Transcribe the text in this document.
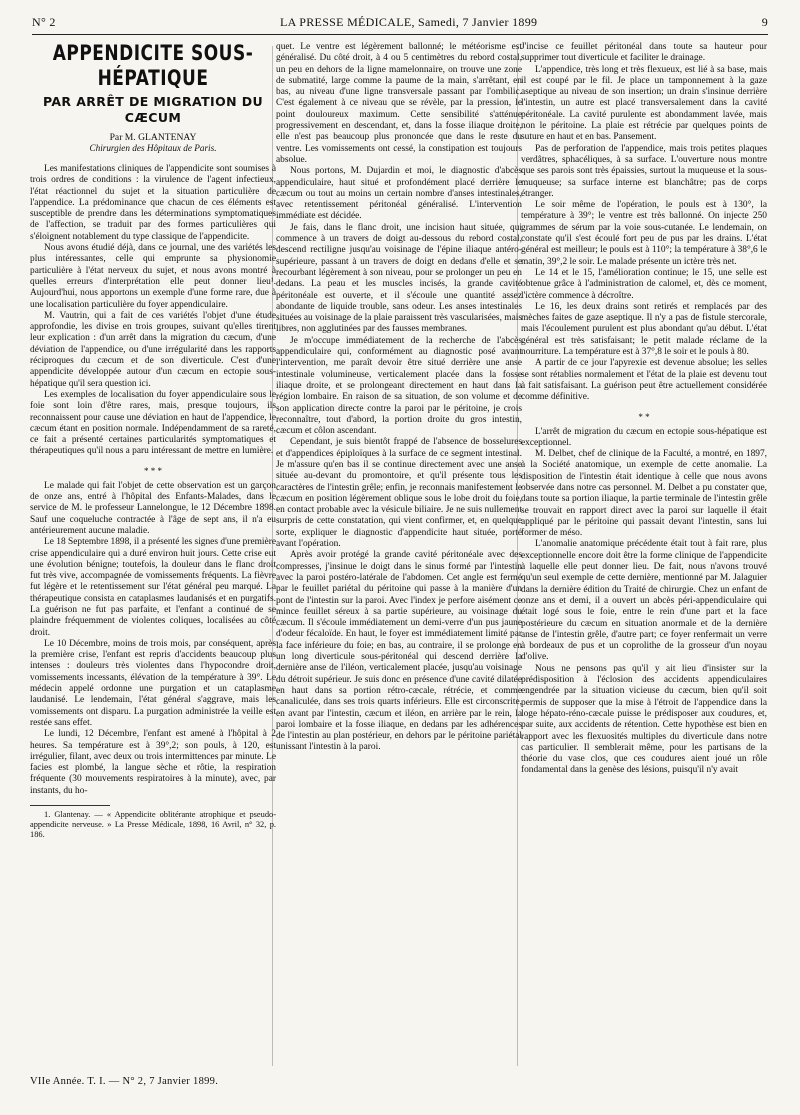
N° 2	LA PRESSE MÉDICALE, Samedi, 7 Janvier 1899	9
APPENDICITE SOUS-HÉPATIQUE
PAR ARRÊT DE MIGRATION DU CÆCUM
Par M. GLANTENAY
Chirurgien des Hôpitaux de Paris.

Les manifestations cliniques de l'appendicite sont soumises à trois ordres de conditions : la virulence de l'agent infectieux, l'état réactionnel du sujet et la situation particulière de l'appendice. La prédominance que chacun de ces éléments est susceptible de prendre dans les déterminations symptomatiques de l'affection, se traduit par des formes particulières qui s'éloignent notablement du type classique de l'appendicite.

Nous avons étudié déjà, dans ce journal, une des variétés les plus intéressantes, celle qui emprunte sa physionomie particulière à l'état nerveux du sujet, et nous avons montré à quelles erreurs d'interprétation elle peut donner lieu¹. Aujourd'hui, nous apportons un exemple d'une forme rare, due à une localisation particulière du foyer appendiculaire.

M. Vautrin, qui a fait de ces variétés l'objet d'une étude approfondie, les divise en trois groupes, suivant qu'elles tirent leur explication : d'un arrêt dans la migration du cæcum, d'une déviation de l'appendice, ou d'une irrégularité dans les rapports réciproques du cæcum et de son diverticule. C'est d'une appendicite développée autour d'un cæcum en ectopie sous-hépatique qu'il sera question ici.

Les exemples de localisation du foyer appendiculaire sous le foie sont loin d'être rares, mais, presque toujours, ils reconnaissent pour cause une déviation en haut de l'appendice, le cæcum étant en position normale. Indépendamment de sa rareté, ce fait a présenté certaines particularités symptomatiques et thérapeutiques qu'il nous a paru intéressant de mettre en lumière.

* * *

Le malade qui fait l'objet de cette observation est un garçon de onze ans, entré à l'hôpital des Enfants-Malades, dans le service de M. le professeur Lannelongue, le 12 Décembre 1898. Sauf une coqueluche contractée à l'âge de sept ans, il n'a eu antérieurement aucune maladie.

Le 18 Septembre 1898, il a présenté les signes d'une première crise appendiculaire qui a duré environ huit jours. Cette crise eut une évolution bénigne; toutefois, la douleur dans le flanc droit fut très vive, accompagnée de vomissements fréquents. La fièvre fut légère et le retentissement sur l'état général peu marqué. La thérapeutique consista en cataplasmes laudanisés et en purgatifs. La guérison ne fut pas parfaite, et l'enfant a continué de se plaindre fréquemment de violentes coliques, localisées au côté droit.

Le 10 Décembre, moins de trois mois, par conséquent, après la première crise, l'enfant est repris d'accidents beaucoup plus intenses : douleurs très violentes dans l'hypocondre droit, vomissements incessants, élévation de la température à 39°. Le médecin appelé ordonne une purgation et un cataplasme laudanisé. Le lendemain, l'état général s'aggrave, mais les vomissements ont disparu. La purgation administrée la veille est restée sans effet.

Le lundi, 12 Décembre, l'enfant est amené à l'hôpital à 2 heures. Sa température est à 39°,2; son pouls, à 120, est irrégulier, filant, avec deux ou trois intermittences par minute. Le facies est plombé, la langue sèche et rôtie, la respiration fréquente (30 mouvements respiratoires à la minute), avec, par instants, du ho-

1. Glantenay. — « Appendicite oblitérante atrophique et pseudo-appendicite nerveuse. » La Presse Médicale, 1898, 16 Avril, n° 32, p. 186.

quet. Le ventre est légèrement ballonné; le météorisme est généralisé. Du côté droit, à 4 ou 5 centimètres du rebord costal, un peu en dehors de la ligne mamelonnaire, on trouve une zone de submatité, large comme la paume de la main, s'arrêtant, en bas, au niveau d'une ligne transversale passant par l'ombilic. C'est également à ce niveau que se révèle, par la pression, le point douloureux maximum. Cette sensibilité s'atténue progressivement en descendant, et, dans la fosse iliaque droite, elle n'est pas beaucoup plus prononcée que dans le reste du ventre. Les vomissements ont cessé, la constipation est toujours absolue.

Nous portons, M. Dujardin et moi, le diagnostic d'abcès appendiculaire, haut situé et profondément placé derrière le cæcum ou tout au moins un certain nombre d'anses intestinales, avec retentissement péritonéal généralisé. L'intervention immédiate est décidée.

Je fais, dans le flanc droit, une incision haut située, qui commence à un travers de doigt au-dessous du rebord costal, descend rectiligne jusqu'au voisinage de l'épine iliaque antéro-supérieure, passant à un travers de doigt en dedans d'elle et se recourbant légèrement à son niveau, pour se prolonger un peu en dedans. La peau et les muscles incisés, la grande cavité péritonéale est ouverte, et il s'écoule une quantité assez abondante de liquide trouble, sans odeur. Les anses intestinales situées au voisinage de la plaie paraissent très vascularisées, mais libres, non agglutinées par des fausses membranes.

Je m'occupe immédiatement de la recherche de l'abcès appendiculaire qui, conformément au diagnostic posé avant l'intervention, me paraît devoir être situé derrière une anse intestinale volumineuse, verticalement placée dans la fosse iliaque droite, et se prolongeant directement en haut dans la région lombaire. En raison de sa situation, de son volume et de son application directe contre la paroi par le péritoine, je crois reconnaître, tout d'abord, la portion droite du gros intestin, cæcum et côlon ascendant.

Cependant, je suis bientôt frappé de l'absence de bosselures et d'appendices épiploïques à la surface de ce segment intestinal. Je m'assure qu'en bas il se continue directement avec une anse située au-devant du promontoire, et qu'il présente tous les caractères de l'intestin grêle; enfin, je reconnais manifestement le cæcum en position légèrement oblique sous le lobe droit du foie, en contact probable avec la vésicule biliaire. Je ne suis nullement surpris de cette constatation, qui vient confirmer, et, en quelque sorte, expliquer le diagnostic d'appendicite haut située, porté avant l'opération.

Après avoir protégé la grande cavité péritonéale avec des compresses, j'insinue le doigt dans le sinus formé par l'intestin avec la paroi postéro-latérale de l'abdomen. Cet angle est fermé par le feuillet pariétal du péritoine qui passe à la manière d'un pont de l'intestin sur la paroi. Avec l'index je perfore aisément ce mince feuillet séreux à sa partie supérieure, au voisinage du cæcum. Il s'écoule immédiatement un demi-verre d'un pus jaune d'odeur fécaloïde. En haut, le foyer est immédiatement limité par la face inférieure du foie; en bas, au contraire, il se prolonge en un long diverticule sous-péritonéal qui descend derrière la dernière anse de l'iléon, verticalement placée, jusqu'au voisinage du détroit supérieur. Je suis donc en présence d'une cavité dilatée en haut dans sa portion rétro-cæcale, rétrécie, et comme canaliculée, dans ses trois quarts inférieurs. Elle est circonscrite, en avant par l'intestin, cæcum et iléon, en arrière par le rein, la paroi lombaire et la fosse iliaque, en dedans par les adhérences de l'intestin au plan postérieur, en dehors par le péritoine pariétal unissant l'intestin à la paroi.

J'incise ce feuillet péritonéal dans toute sa hauteur pour supprimer tout diverticule et faciliter le drainage.

L'appendice, très long et très flexueux, est lié à sa base, mais il est coupé par le fil. Je place un tamponnement à la gaze aseptique au niveau de son insertion; un drain s'insinue derrière l'intestin, un autre est placé transversalement dans la cavité péritonéale. La cavité purulente est abondamment lavée, mais non le péritoine. La plaie est rétrécie par quelques points de suture en haut et en bas. Pansement.

Pas de perforation de l'appendice, mais trois petites plaques verdâtres, sphacéliques, à sa surface. L'ouverture nous montre que ses parois sont très épaissies, surtout la muqueuse et la sous-muqueuse; sa surface interne est blanchâtre; pas de corps étranger.

Le soir même de l'opération, le pouls est à 130°, la température à 39°; le ventre est très ballonné. On injecte 250 grammes de sérum par la voie sous-cutanée. Le lendemain, on constate qu'il s'est écoulé fort peu de pus par les drains. L'état général est meilleur; le pouls est à 110°; la température à 38°,6 le matin, 39°,2 le soir. Le malade présente un ictère très net.

Le 14 et le 15, l'amélioration continue; le 15, une selle est obtenue grâce à l'administration de calomel, et, dès ce moment, l'ictère commence à décroître.

Le 16, les deux drains sont retirés et remplacés par des mèches faites de gaze aseptique. Il n'y a pas de fistule stercorale, mais l'écoulement purulent est plus abondant qu'au début. L'état général est très satisfaisant; le petit malade réclame de la nourriture. La température est à 37°,8 le soir et le pouls à 80.

A partir de ce jour l'apyrexie est devenue absolue; les selles se sont rétablies normalement et l'état de la plaie est devenu tout à fait satisfaisant. La guérison peut être actuellement considérée comme définitive.

* *

L'arrêt de migration du cæcum en ectopie sous-hépatique est exceptionnel.

M. Delbet, chef de clinique de la Faculté, a montré, en 1897, à la Société anatomique, un exemple de cette anomalie. La disposition de l'intestin était identique à celle que nous avons observée dans notre cas personnel. M. Delbet a pu constater que, dans toute sa portion iliaque, la partie terminale de l'intestin grêle se trouvait en rapport direct avec la paroi sur laquelle il était appliqué par le péritoine qui passait devant l'intestin, sans lui former de méso.

L'anomalie anatomique précédente était tout à fait rare, plus exceptionnelle encore doit être la forme clinique de l'appendicite à laquelle elle peut donner lieu. De fait, nous n'avons trouvé qu'un seul exemple de cette dernière, mentionné par M. Jalaguier dans la dernière édition du Traité de chirurgie. Chez un enfant de onze ans et demi, il a ouvert un abcès péri-appendiculaire qui était logé sous le foie, entre le rein d'une part et la face postérieure du cæcum en situation anormale et de la dernière anse de l'intestin grêle, d'autre part; ce foyer renfermait un verre à bordeaux de pus et un coprolithe de la grosseur d'un noyau d'olive.

Nous ne pensons pas qu'il y ait lieu d'insister sur la prédisposition à l'éclosion des accidents appendiculaires engendrée par la situation vicieuse du cæcum, bien qu'il soit permis de supposer que la mise à l'étroit de l'appendice dans la loge hépato-réno-cæcale puisse le prédisposer aux coudures, et, par suite, aux accidents de rétention. Cette hypothèse est bien en rapport avec les flexuosités multiples du diverticule dans notre cas particulier. Il semblerait même, pour les partisans de la théorie du vase clos, que ces coudures aient joué un rôle fondamental dans la genèse des lésions, puisqu'il n'y avait

VIIe Année. T. I. — N° 2, 7 Janvier 1899.
